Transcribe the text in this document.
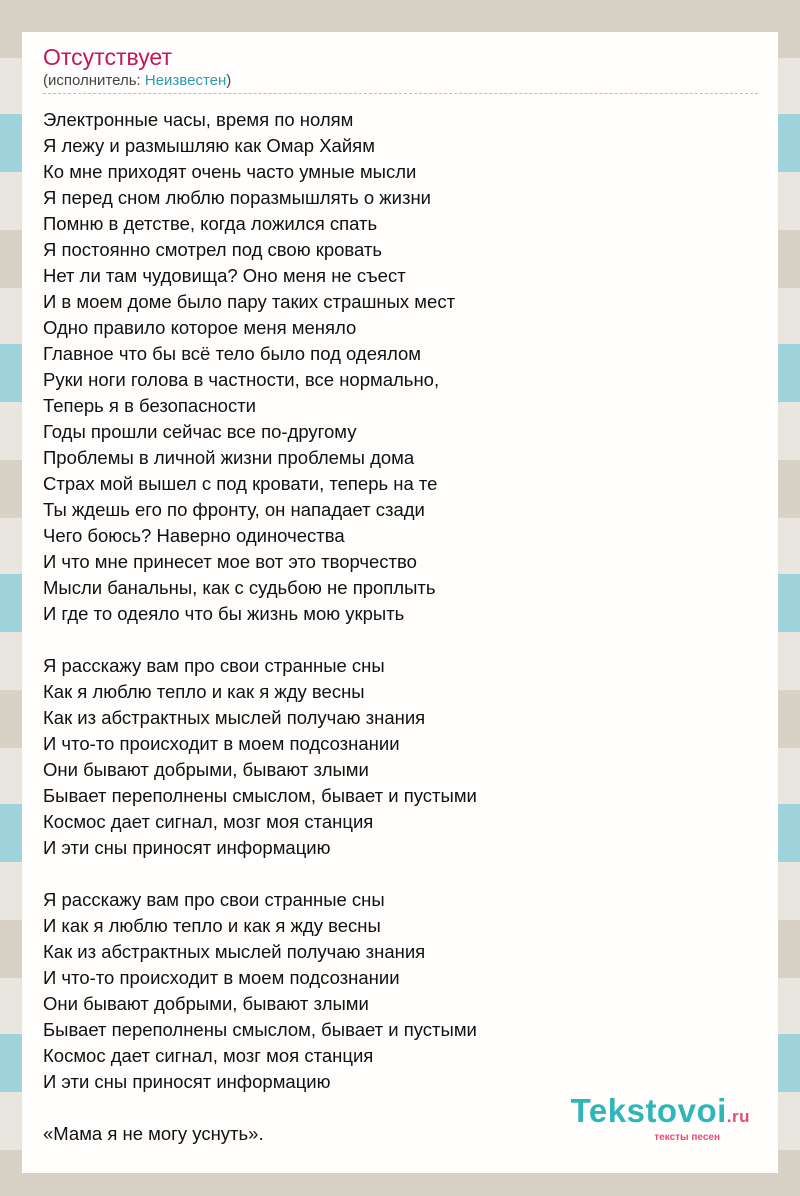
Отсутствует
(исполнитель: Неизвестен)
Электронные часы, время по нолям
Я лежу и размышляю как Омар Хайям
Ко мне приходят очень часто умные мысли
Я перед сном люблю поразмышлять о жизни
Помню в детстве, когда ложился спать
Я постоянно смотрел под свою кровать
Нет ли там чудовища? Оно меня не съест
И в моем доме было пару таких страшных мест
Одно правило которое меня меняло
Главное что бы всё тело было под одеялом
Руки ноги голова в частности, все нормально,
Теперь я в безопасности
Годы прошли сейчас все по-другому
Проблемы в личной жизни проблемы дома
Страх мой вышел с под кровати, теперь на те
Ты ждешь его по фронту, он нападает сзади
Чего боюсь? Наверно одиночества
И что мне принесет мое вот это творчество
Мысли банальны, как с судьбою не проплыть
И где то одеяло что бы жизнь мою укрыть
Я расскажу вам про свои странные сны
Как я люблю тепло и как я жду весны
Как из абстрактных мыслей получаю знания
И что-то происходит в моем подсознании
Они бывают добрыми, бывают злыми
Бывает переполнены смыслом, бывает и пустыми
Космос дает сигнал, мозг моя станция
И эти сны приносят информацию
Я расскажу вам про свои странные сны
И как я люблю тепло и как я жду весны
Как из абстрактных мыслей получаю знания
И что-то происходит в моем подсознании
Они бывают добрыми, бывают злыми
Бывает переполнены смыслом, бывает и пустыми
Космос дает сигнал, мозг моя станция
И эти сны приносят информацию
«Мама я не могу уснуть».
Tekstovoi.ru
тексты песен
